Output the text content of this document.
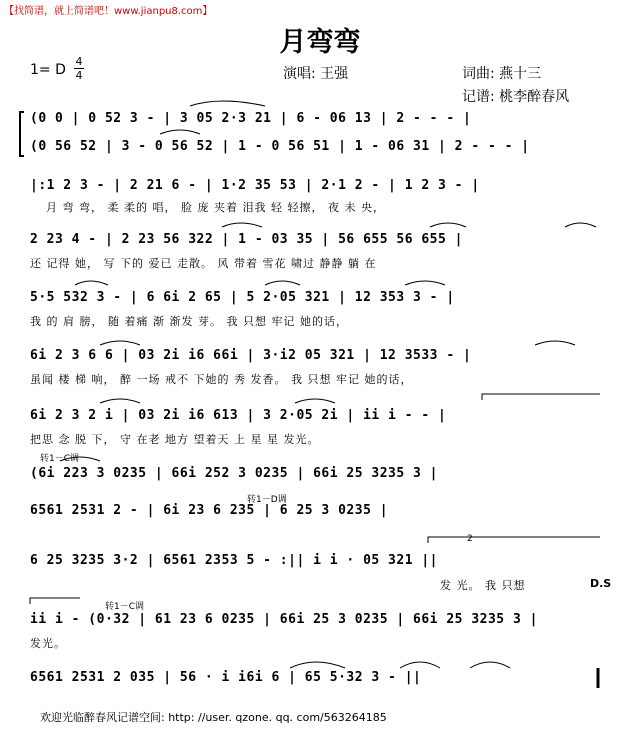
【找简谱，就上简谱吧！www.jianpu8.com】
月弯弯
1= D
4
4	演唱: 王强	词曲: 燕十三
记谱: 桃李醉春风
(0 0 | 0 52 3 - | 3 05 2·3 21 | 6 - 06 13 | 2 - - - |
(0 56 52 | 3 - 0 56 52 | 1 - 0 56 51 | 1 - 06 31 | 2 - - - |
|:1 2 3 - | 2 21 6 - | 1·2 35 53 | 2·1 2 - | 1 2 3 - |
月 弯 弯， 柔 柔的 唱， 脸 庞 夹着 泪我 轻 轻擦， 夜 未 央，
2 23 4 - | 2 23 56 322 | 1 - 03 35 | 56 655 56 655 |
还 记得 她， 写 下的 爱已 走散。 风 带着 雪花 啸过 静静 躺 在
5·5 532 3 - | 6 6i 2 65 | 5 2·05 321 | 12 353 3 - |
我 的 肩 膀， 随 着痛 渐 渐发 芽。 我 只想 牢记 她的话，
6i 2 3 6 6 | 03 2i i6 66i | 3·i2 05 321 | 12 3533 - |
虽闻 楼 梯 响， 醉 一场 戒不 下她的 秀 发香。 我 只想 牢记 她的话，
6i 2 3 2 i | 03 2i i6 613 | 3 2·05 2i | ii i - - |
把思 念 脱 下， 守 在老 地方 望着天 上 星 星 发光。
转1－C调
(6i 223 3 0235 | 66i 252 3 0235 | 66i 25 3235 3 |
转1－D调
6561 2531 2 - | 6i 23 6 235 | 6 25 3 0235 |
2
6 25 3235 3·2 | 6561 2353 5 - :|| i i · 05 321 ||
发 光。 我 只想	D.S
转1－C调
ii i - (0·32 | 61 23 6 0235 | 66i 25 3 0235 | 66i 25 3235 3 |
发光。
6561 2531 2 035 | 56 · i i6i 6 | 65 5·32 3 - ||
欢迎光临醉春风记谱空间: http: //user. qzone. qq. com/563264185
